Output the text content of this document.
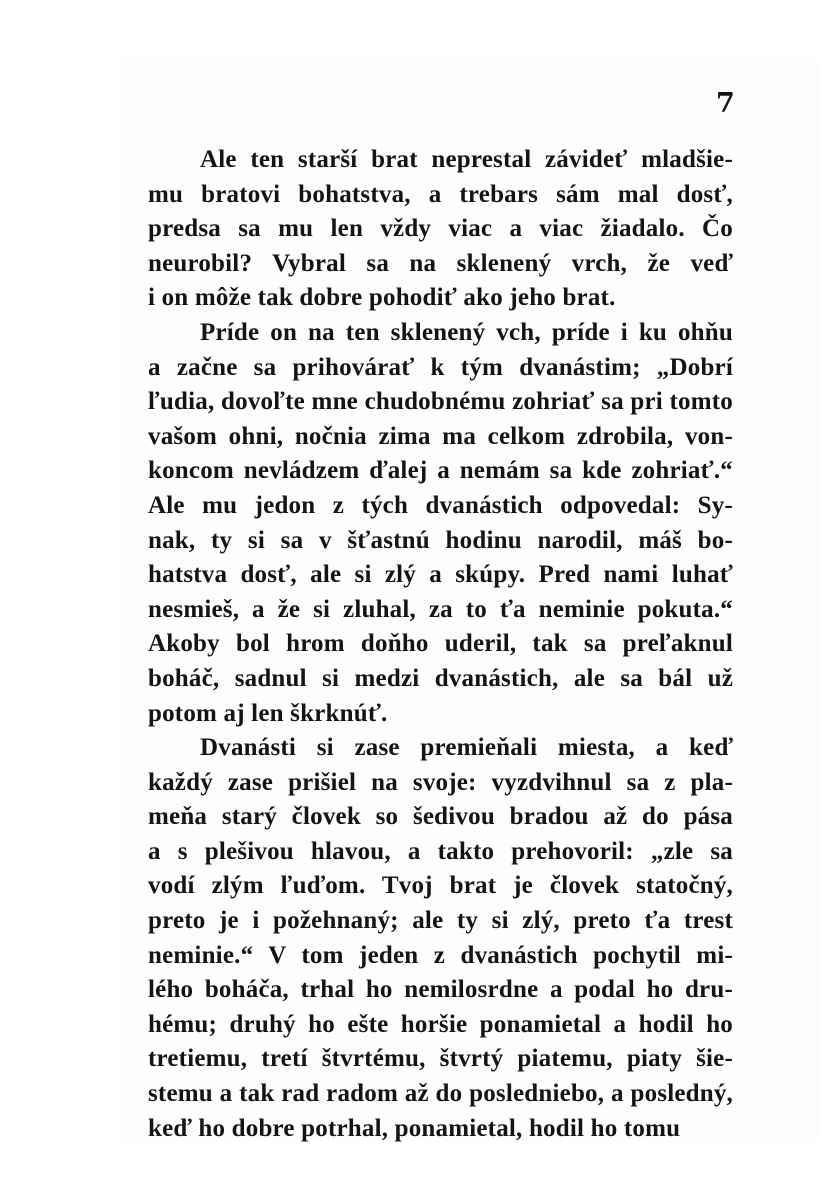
7
Ale ten starší brat neprestal závideť mladšie-
mu bratovi bohatstva, a trebars sám mal dosť,
predsa sa mu len vždy viac a viac žiadalo. Čo
neurobil? Vybral sa na sklenený vrch, že veď
i on môže tak dobre pohodiť ako jeho brat.
Príde on na ten sklenený vch, príde i ku ohňu
a začne sa prihovárať k tým dvanástim; „Dobrí
ľudia, dovoľte mne chudobnému zohriať sa pri tomto
vašom ohni, nočnia zima ma celkom zdrobila, von-
koncom nevládzem ďalej a nemám sa kde zohriať.“
Ale mu jedon z tých dvanástich odpovedal: Sy-
nak, ty si sa v šťastnú hodinu narodil, máš bo-
hatstva dosť, ale si zlý a skúpy. Pred nami luhať
nesmieš, a že si zluhal, za to ťa neminie pokuta.“
Akoby bol hrom doňho uderil, tak sa preľaknul
boháč, sadnul si medzi dvanástich, ale sa bál už
potom aj len škrknúť.
Dvanásti si zase premieňali miesta, a keď
každý zase prišiel na svoje: vyzdvihnul sa z pla-
meňa starý človek so šedivou bradou až do pása
a s plešivou hlavou, a takto prehovoril: „zle sa
vodí zlým ľuďom. Tvoj brat je človek statočný,
preto je i požehnaný; ale ty si zlý, preto ťa trest
neminie.“ V tom jeden z dvanástich pochytil mi-
lého boháča, trhal ho nemilosrdne a podal ho dru-
hému; druhý ho ešte horšie ponamietal a hodil ho
tretiemu, tretí štvrtému, štvrtý piatemu, piaty šie-
stemu a tak rad radom až do posledniebo, a posledný,
keď ho dobre potrhal, ponamietal, hodil ho tomu
